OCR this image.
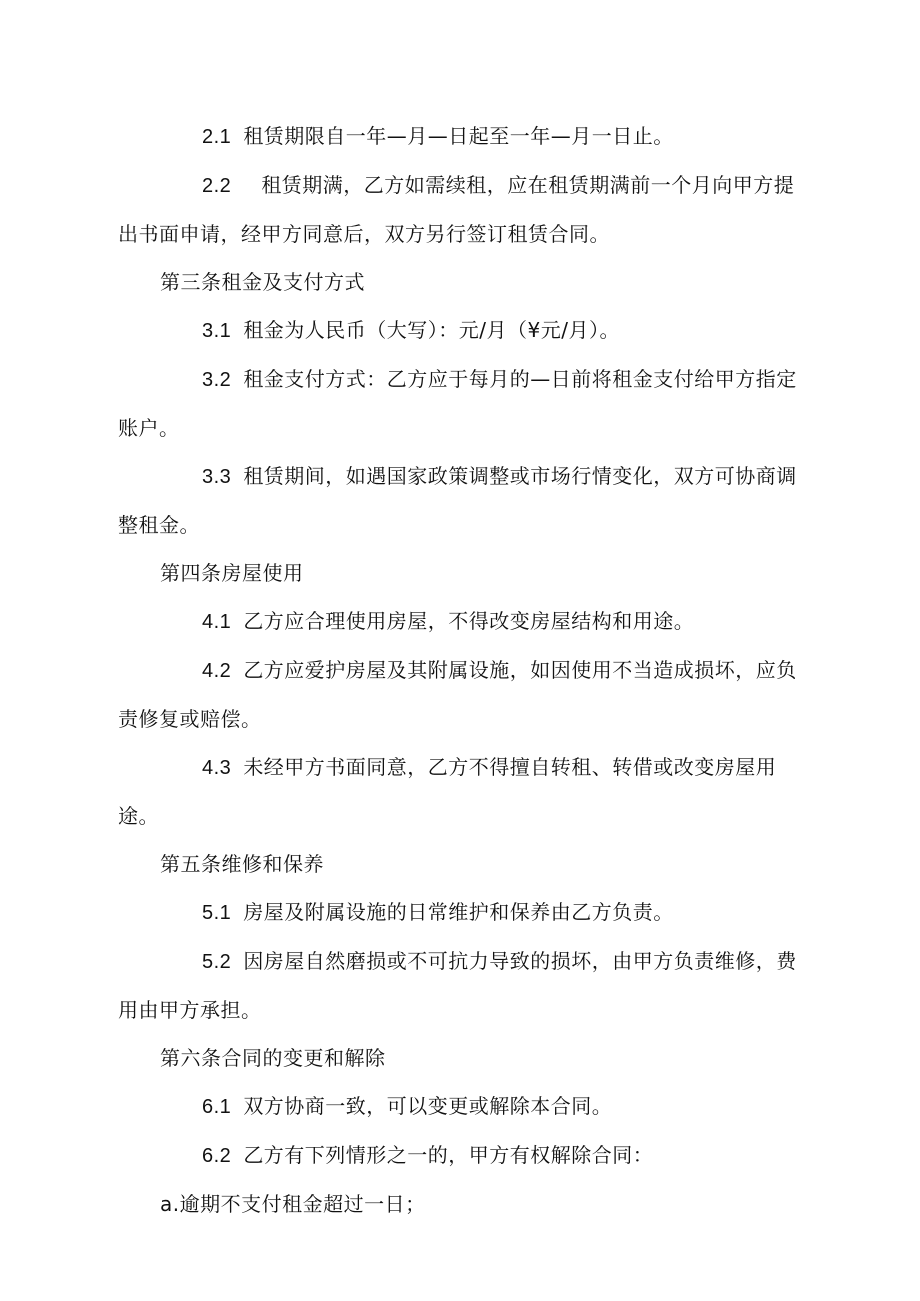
2.1 租赁期限自一年—月—日起至一年—月一日止。

2.2 租赁期满，乙方如需续租，应在租赁期满前一个月向甲方提出书面申请，经甲方同意后，双方另行签订租赁合同。

第三条租金及支付方式

3.1 租金为人民币（大写）：元/月（¥元/月）。

3.2 租金支付方式：乙方应于每月的—日前将租金支付给甲方指定账户。

3.3 租赁期间，如遇国家政策调整或市场行情变化，双方可协商调整租金。

第四条房屋使用

4.1 乙方应合理使用房屋，不得改变房屋结构和用途。

4.2 乙方应爱护房屋及其附属设施，如因使用不当造成损坏，应负责修复或赔偿。

4.3 未经甲方书面同意，乙方不得擅自转租、转借或改变房屋用途。

第五条维修和保养

5.1 房屋及附属设施的日常维护和保养由乙方负责。

5.2 因房屋自然磨损或不可抗力导致的损坏，由甲方负责维修，费用由甲方承担。

第六条合同的变更和解除

6.1 双方协商一致，可以变更或解除本合同。

6.2 乙方有下列情形之一的，甲方有权解除合同：

a.逾期不支付租金超过一日；
